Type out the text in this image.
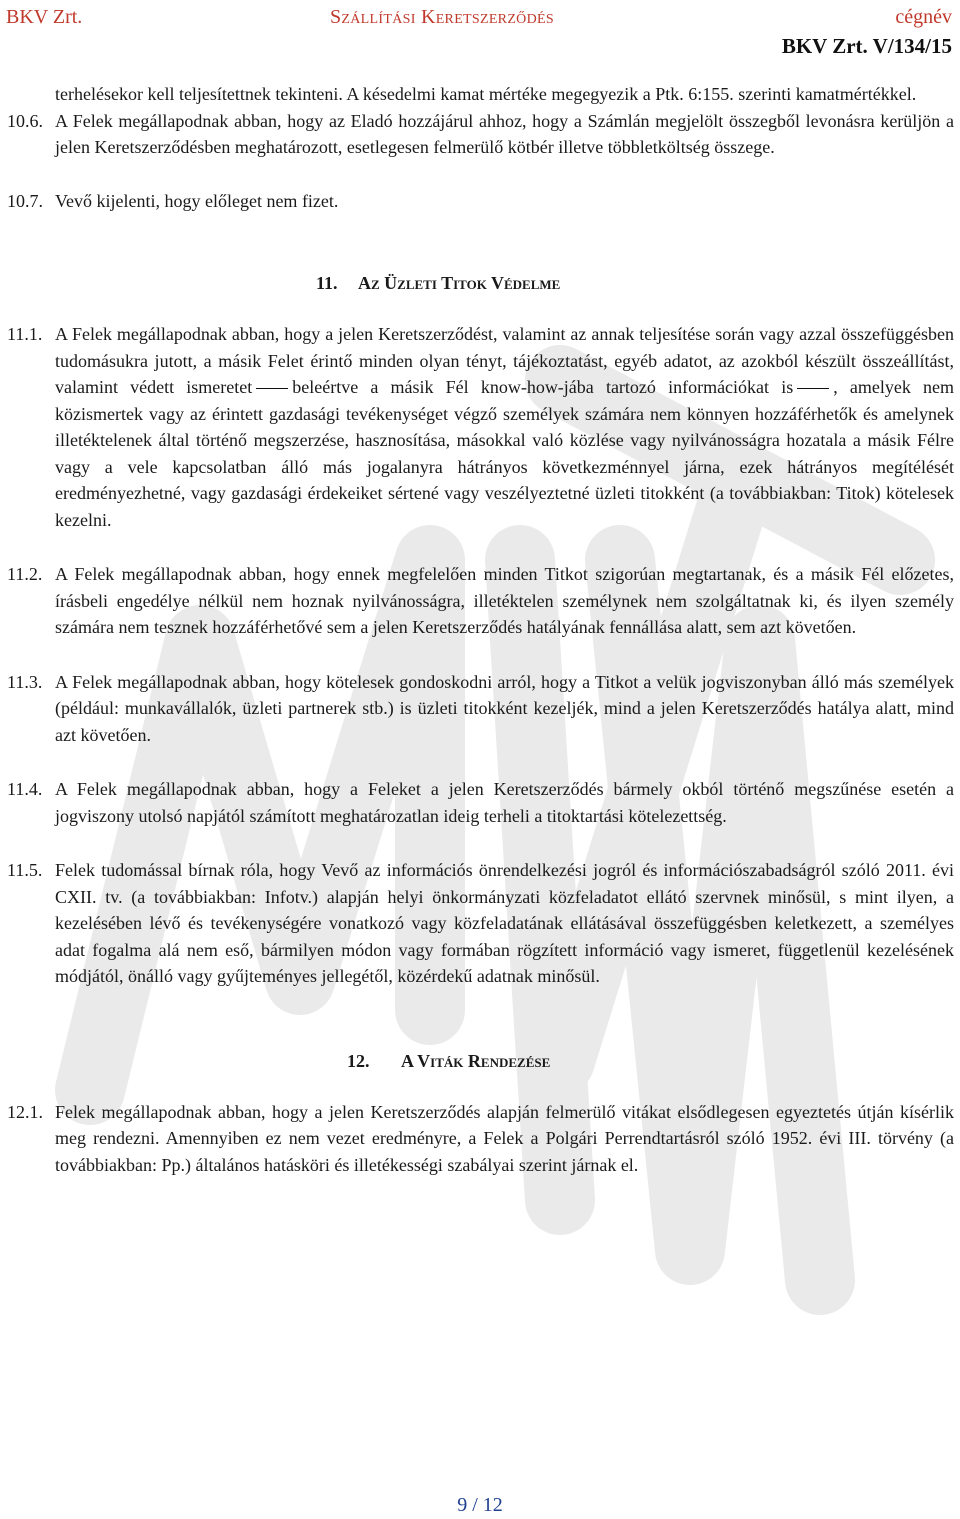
BKV Zrt.	Szállítási Keretszerződés	cégnév
BKV Zrt. V/134/15
terhelésekor kell teljesítettnek tekinteni. A késedelmi kamat mértéke megegyezik a Ptk. 6:155. szerinti kamatmértékkel.
10.6. A Felek megállapodnak abban, hogy az Eladó hozzájárul ahhoz, hogy a Számlán megjelölt összegből levonásra kerüljön a jelen Keretszerződésben meghatározott, esetlegesen felmerülő kötbér illetve többletköltség összege.
10.7. Vevő kijelenti, hogy előleget nem fizet.
11. Az Üzleti Titok Védelme
11.1. A Felek megállapodnak abban, hogy a jelen Keretszerződést, valamint az annak teljesítése során vagy azzal összefüggésben tudomásukra jutott, a másik Felet érintő minden olyan tényt, tájékoztatást, egyéb adatot, az azokból készült összeállítást, valamint védett ismeretet beleértve a másik Fél know-how-jába tartozó információkat is , amelyek nem közismertek vagy az érintett gazdasági tevékenységet végző személyek számára nem könnyen hozzáférhetők és amelynek illetéktelenek által történő megszerzése, hasznosítása, másokkal való közlése vagy nyilvánosságra hozatala a másik Félre vagy a vele kapcsolatban álló más jogalanyra hátrányos következménnyel járna, ezek hátrányos megítélését eredményezhetné, vagy gazdasági érdekeiket sértené vagy veszélyeztetné üzleti titokként (a továbbiakban: Titok) kötelesek kezelni.
11.2. A Felek megállapodnak abban, hogy ennek megfelelően minden Titkot szigorúan megtartanak, és a másik Fél előzetes, írásbeli engedélye nélkül nem hoznak nyilvánosságra, illetéktelen személynek nem szolgáltatnak ki, és ilyen személy számára nem tesznek hozzáférhetővé sem a jelen Keretszerződés hatályának fennállása alatt, sem azt követően.
11.3. A Felek megállapodnak abban, hogy kötelesek gondoskodni arról, hogy a Titkot a velük jogviszonyban álló más személyek (például: munkavállalók, üzleti partnerek stb.) is üzleti titokként kezeljék, mind a jelen Keretszerződés hatálya alatt, mind azt követően.
11.4. A Felek megállapodnak abban, hogy a Feleket a jelen Keretszerződés bármely okból történő megszűnése esetén a jogviszony utolsó napjától számított meghatározatlan ideig terheli a titoktartási kötelezettség.
11.5. Felek tudomással bírnak róla, hogy Vevő az információs önrendelkezési jogról és információszabadságról szóló 2011. évi CXII. tv. (a továbbiakban: Infotv.) alapján helyi önkormányzati közfeladatot ellátó szervnek minősül, s mint ilyen, a kezelésében lévő és tevékenységére vonatkozó vagy közfeladatának ellátásával összefüggésben keletkezett, a személyes adat fogalma alá nem eső, bármilyen módon vagy formában rögzített információ vagy ismeret, függetlenül kezelésének módjától, önálló vagy gyűjteményes jellegétől, közérdekű adatnak minősül.
12. A Viták Rendezése
12.1. Felek megállapodnak abban, hogy a jelen Keretszerződés alapján felmerülő vitákat elsődlegesen egyeztetés útján kísérlik meg rendezni. Amennyiben ez nem vezet eredményre, a Felek a Polgári Perrendtartásról szóló 1952. évi III. törvény (a továbbiakban: Pp.) általános hatásköri és illetékességi szabályai szerint járnak el.
9 / 12
